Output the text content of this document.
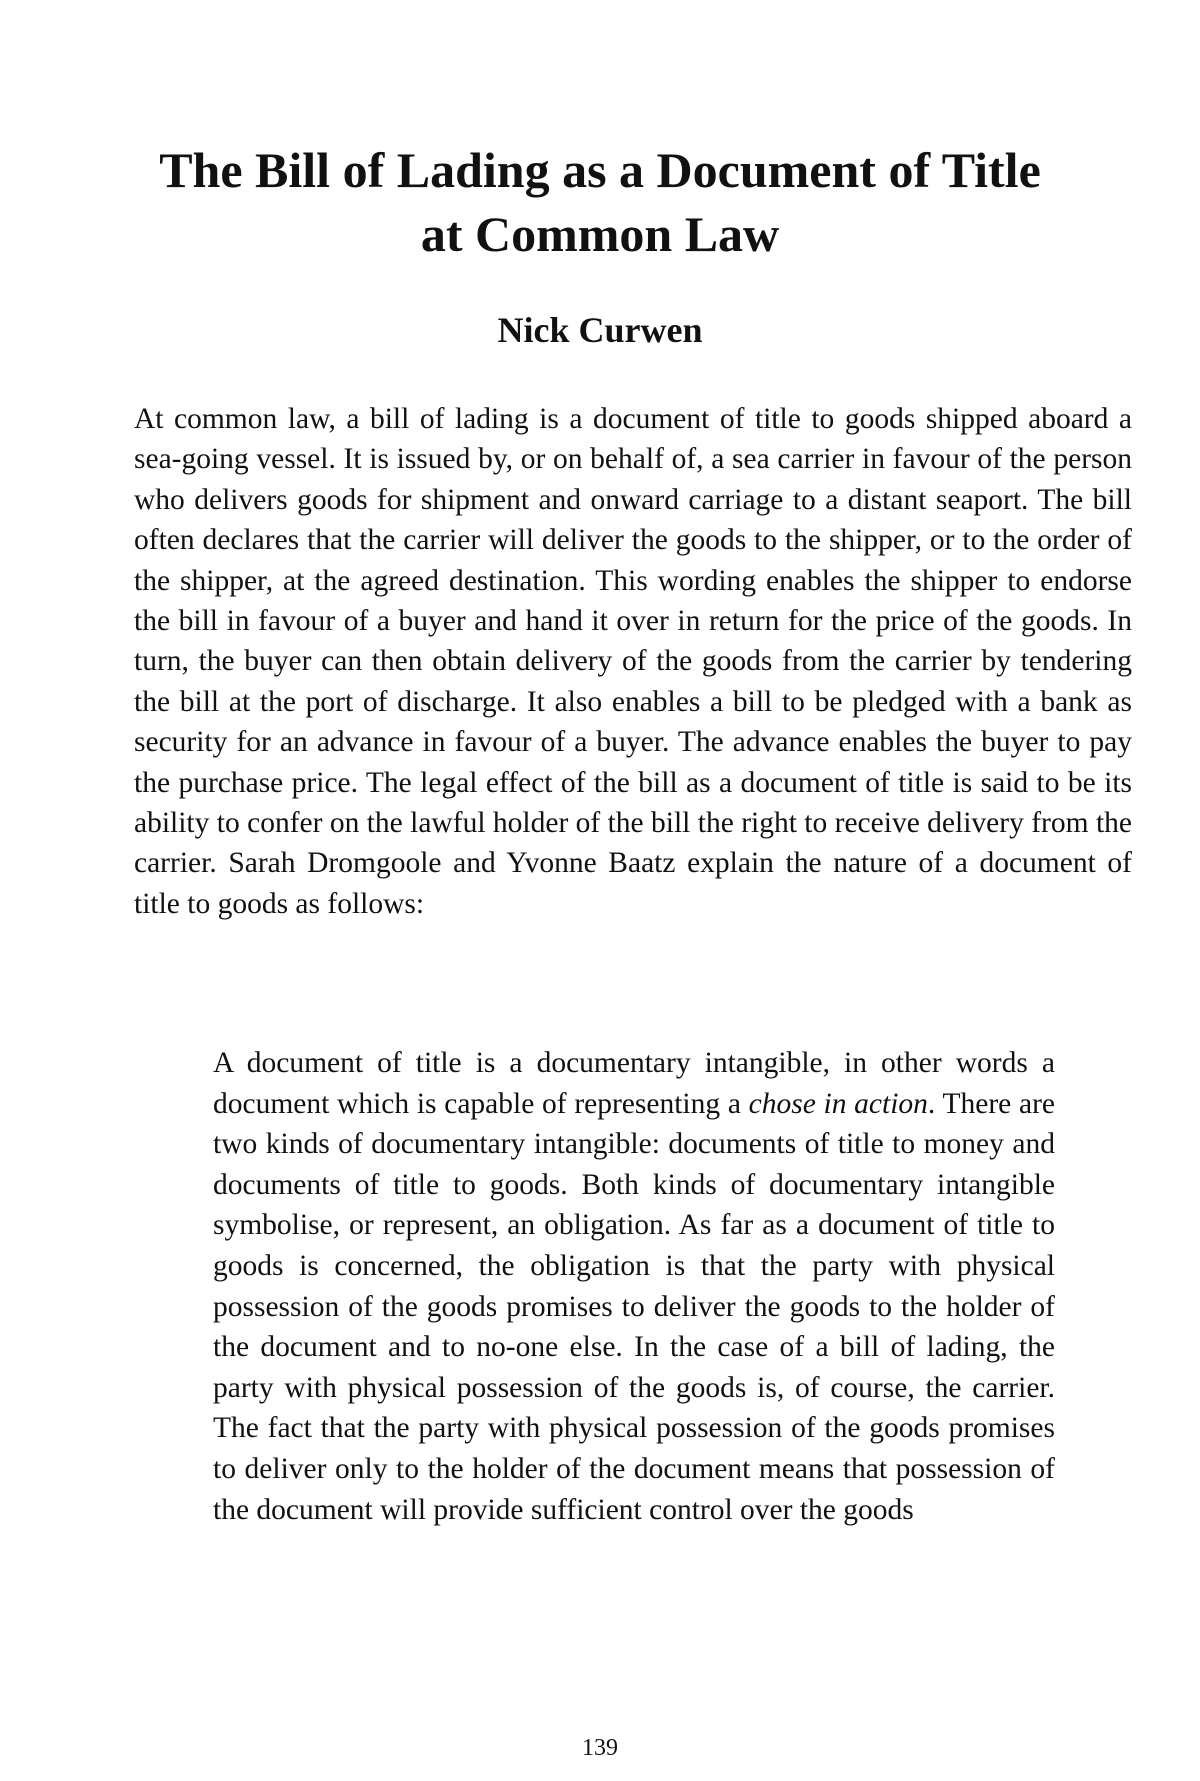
The Bill of Lading as a Document of Title
at Common Law
Nick Curwen

At common law, a bill of lading is a document of title to goods shipped aboard a sea-going vessel. It is issued by, or on behalf of, a sea carrier in favour of the person who delivers goods for shipment and onward carriage to a distant seaport. The bill often declares that the carrier will deliver the goods to the shipper, or to the order of the shipper, at the agreed destination. This wording enables the shipper to endorse the bill in favour of a buyer and hand it over in return for the price of the goods. In turn, the buyer can then obtain delivery of the goods from the carrier by tendering the bill at the port of discharge. It also enables a bill to be pledged with a bank as security for an advance in favour of a buyer. The advance enables the buyer to pay the purchase price. The legal effect of the bill as a document of title is said to be its ability to confer on the lawful holder of the bill the right to receive delivery from the carrier. Sarah Dromgoole and Yvonne Baatz explain the nature of a document of title to goods as follows:

A document of title is a documentary intangible, in other words a document which is capable of representing a chose in action. There are two kinds of documentary intangible: documents of title to money and documents of title to goods. Both kinds of documentary intangible symbolise, or represent, an obligation. As far as a document of title to goods is concerned, the obligation is that the party with physical possession of the goods promises to deliver the goods to the holder of the document and to no-one else. In the case of a bill of lading, the party with physical possession of the goods is, of course, the carrier. The fact that the party with physical possession of the goods promises to deliver only to the holder of the document means that possession of the document will provide sufficient control over the goods
139
